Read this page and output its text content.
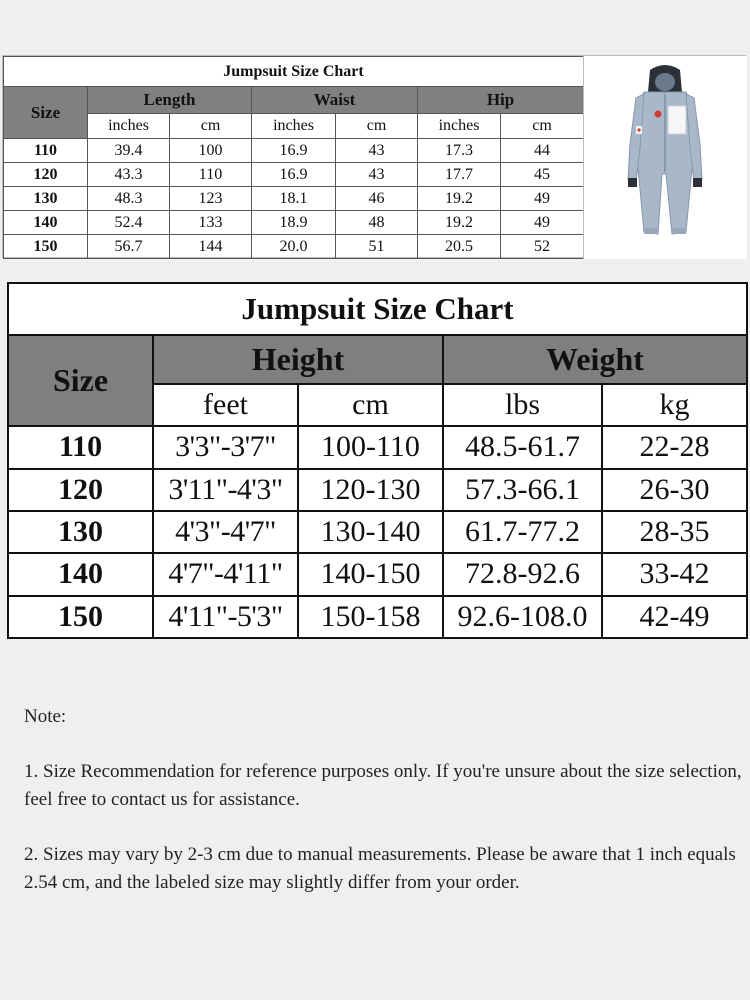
Jumpsuit Size Chart						
Size	Length		Waist		Hip	
	inches	cm	inches	cm	inches	cm
110	39.4	100	16.9	43	17.3	44
120	43.3	110	16.9	43	17.7	45
130	48.3	123	18.1	46	19.2	49
140	52.4	133	18.9	48	19.2	49
150	56.7	144	20.0	51	20.5	52
Jumpsuit Size Chart				
Size	Height		Weight	
	feet	cm	lbs	kg
110	3'3"-3'7"	100-110	48.5-61.7	22-28
120	3'11"-4'3"	120-130	57.3-66.1	26-30
130	4'3"-4'7"	130-140	61.7-77.2	28-35
140	4'7"-4'11"	140-150	72.8-92.6	33-42
150	4'11"-5'3"	150-158	92.6-108.0	42-49

Note:

1. Size Recommendation for reference purposes only. If you're unsure about the size selection, feel free to contact us for assistance.

2. Sizes may vary by 2-3 cm due to manual measurements. Please be aware that 1 inch equals 2.54 cm, and the labeled size may slightly differ from your order.
